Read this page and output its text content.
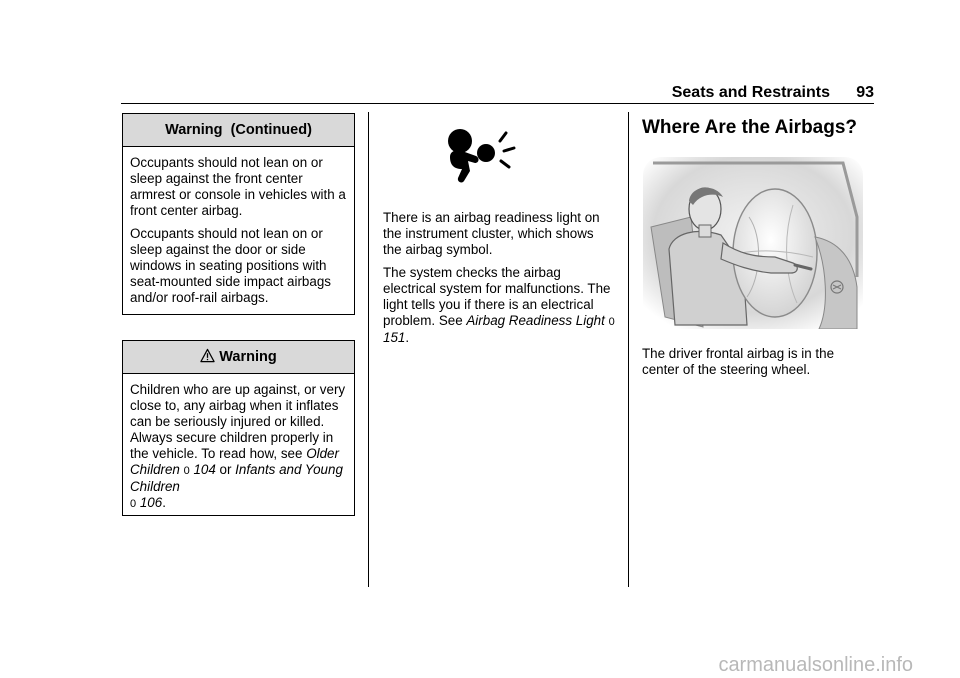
Seats and Restraints 93
Warning  (Continued)

Occupants should not lean on or sleep against the front center armrest or console in vehicles with a front center airbag.

Occupants should not lean on or sleep against the door or side windows in seating positions with seat-mounted side impact airbags and/or roof-rail airbags.

Warning

Children who are up against, or very close to, any airbag when it inflates can be seriously injured or killed. Always secure children properly in the vehicle. To read how, see Older Children 0 104 or Infants and Young Children
0 106.

There is an airbag readiness light on the instrument cluster, which shows the airbag symbol.

The system checks the airbag electrical system for malfunctions. The light tells you if there is an electrical problem. See Airbag Readiness Light 0 151.

Where Are the Airbags?
The driver frontal airbag is in the center of the steering wheel.
carmanualsonline.info
